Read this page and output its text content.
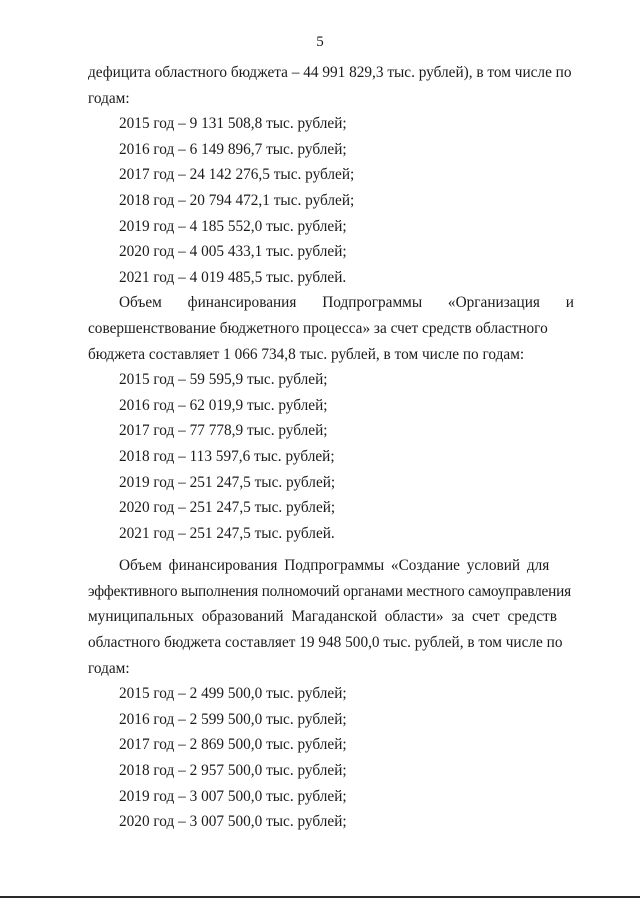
5
дефицита областного бюджета – 44 991 829,3 тыс. рублей), в том числе по
годам:
2015 год – 9 131 508,8 тыс. рублей;
2016 год – 6 149 896,7 тыс. рублей;
2017 год – 24 142 276,5 тыс. рублей;
2018 год – 20 794 472,1 тыс. рублей;
2019 год – 4 185 552,0 тыс. рублей;
2020 год – 4 005 433,1 тыс. рублей;
2021 год – 4 019 485,5 тыс. рублей.
Объем финансирования Подпрограммы «Организация и
совершенствование бюджетного процесса» за счет средств областного
бюджета составляет 1 066 734,8 тыс. рублей, в том числе по годам:
2015 год – 59 595,9 тыс. рублей;
2016 год – 62 019,9 тыс. рублей;
2017 год – 77 778,9 тыс. рублей;
2018 год – 113 597,6 тыс. рублей;
2019 год – 251 247,5 тыс. рублей;
2020 год – 251 247,5 тыс. рублей;
2021 год – 251 247,5 тыс. рублей.
Объем финансирования Подпрограммы «Создание условий для
эффективного выполнения полномочий органами местного самоуправления
муниципальных образований Магаданской области» за счет средств
областного бюджета составляет 19 948 500,0 тыс. рублей, в том числе по
годам:
2015 год – 2 499 500,0 тыс. рублей;
2016 год – 2 599 500,0 тыс. рублей;
2017 год – 2 869 500,0 тыс. рублей;
2018 год – 2 957 500,0 тыс. рублей;
2019 год – 3 007 500,0 тыс. рублей;
2020 год – 3 007 500,0 тыс. рублей;
